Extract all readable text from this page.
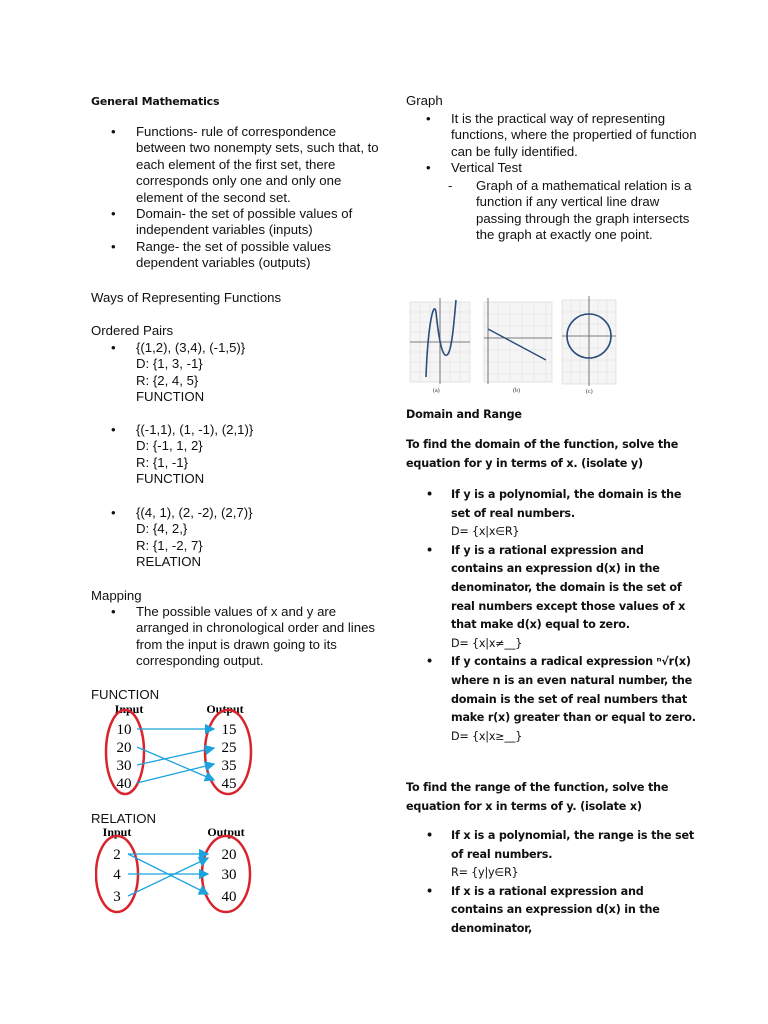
General Mathematics
• Functions- rule of correspondence between two nonempty sets, such that, to each element of the first set, there corresponds only one and only one element of the second set.
• Domain- the set of possible values of independent variables (inputs)
• Range- the set of possible values dependent variables (outputs)
Ways of Representing Functions
Ordered Pairs
• {(1,2), (3,4), (-1,5)}
D: {1, 3, -1}
R: {2, 4, 5}
FUNCTION
• {(-1,1), (1, -1), (2,1)}
D: {-1, 1, 2}
R: {1, -1}
FUNCTION
• {(4, 1), (2, -2), (2,7)}
D: {4, 2,}
R: {1, -2, 7}
RELATION
Mapping
• The possible values of x and y are arranged in chronological order and lines from the input is drawn going to its corresponding output.
FUNCTION
RELATION
Input	Output
10
20
30
40
15
25
35
45
Input	Output
2
4
3
20
30
40
Graph
• It is the practical way of representing functions, where the propertied of function can be fully identified.
• Vertical Test
- Graph of a mathematical relation is a function if any vertical line draw passing through the graph intersects the graph at exactly one point.
(a)	(b)	(c)
Domain and Range
To find the domain of the function, solve the equation for y in terms of x. (isolate y)
• If y is a polynomial, the domain is the set of real numbers.
D= {x|x∈R}
• If y is a rational expression and contains an expression d(x) in the denominator, the domain is the set of real numbers except those values of x that make d(x) equal to zero.
D= {x|x≠__}
• If y contains a radical expression ⁿ√r(x) where n is an even natural number, the domain is the set of real numbers that make r(x) greater than or equal to zero.
D= {x|x≥__}
To find the range of the function, solve the equation for x in terms of y. (isolate x)
• If x is a polynomial, the range is the set of real numbers.
R= {y|y∈R}
• If x is a rational expression and contains an expression d(x) in the denominator,
